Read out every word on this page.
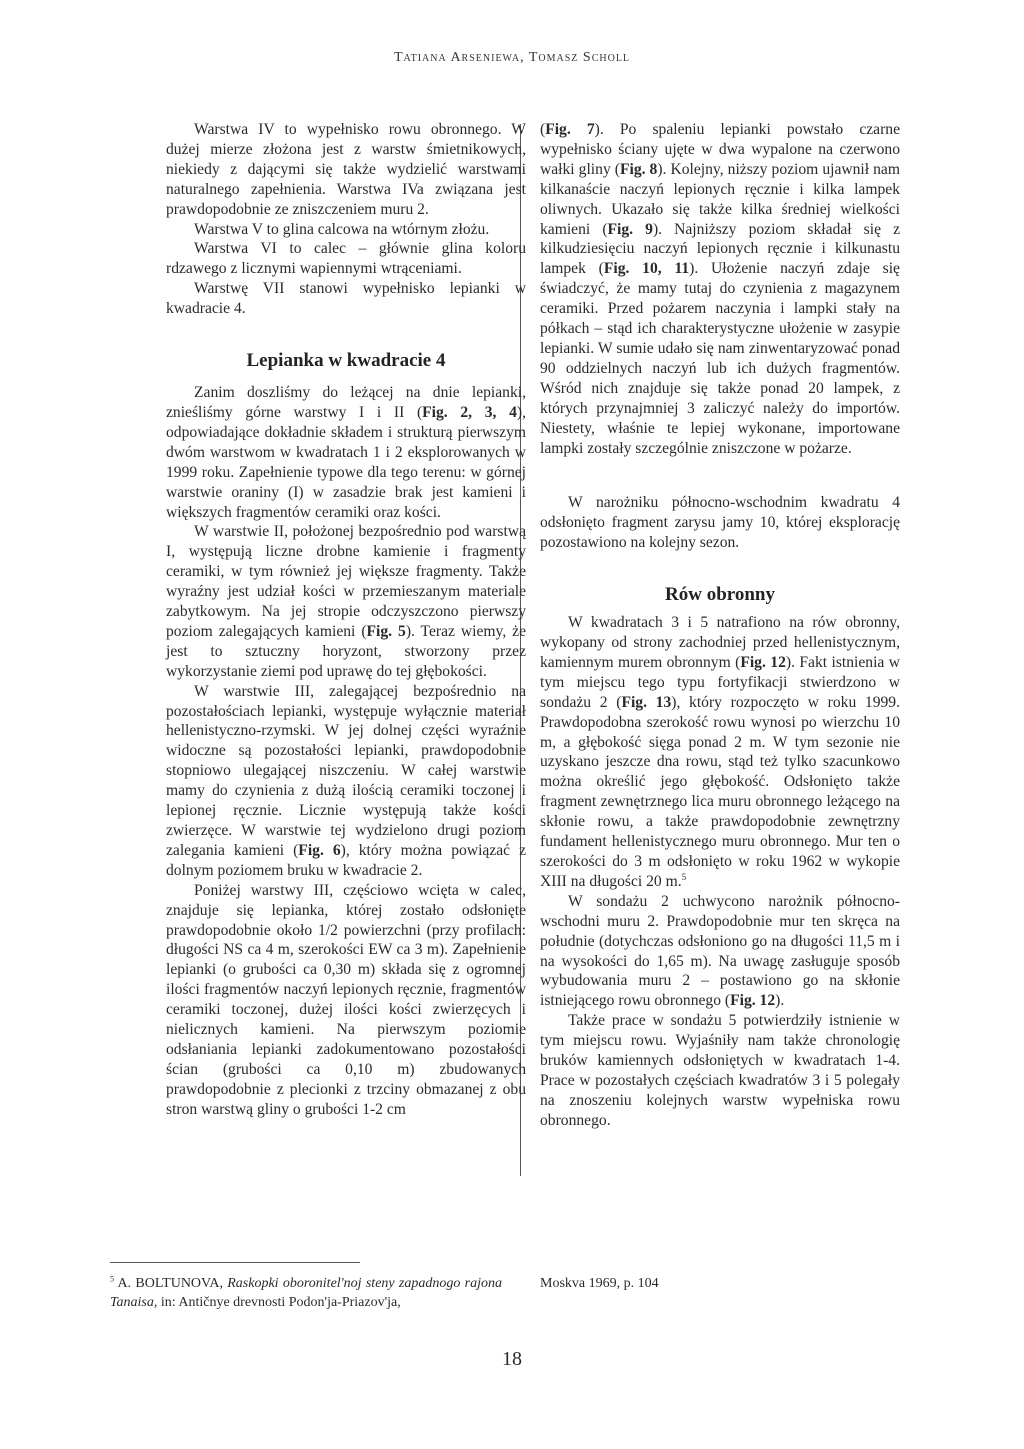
Tatiana Arseniewa, Tomasz Scholl

Warstwa IV to wypełnisko rowu obronnego. W dużej mierze złożona jest z warstw śmietnikowych, niekiedy z dającymi się także wydzielić warstwami naturalnego zapełnienia. Warstwa IVa związana jest prawdopodobnie ze zniszczeniem muru 2.

Warstwa V to glina calcowa na wtórnym złożu.

Warstwa VI to calec – głównie glina koloru rdzawego z licznymi wapiennymi wtrąceniami.

Warstwę VII stanowi wypełnisko lepianki w kwadracie 4.

Lepianka w kwadracie 4

Zanim doszliśmy do leżącej na dnie lepianki, znieśliśmy górne warstwy I i II (Fig. 2, 3, 4), odpowiadające dokładnie składem i strukturą pierwszym dwóm warstwom w kwadratach 1 i 2 eksplorowanych w 1999 roku. Zapełnienie typowe dla tego terenu: w górnej warstwie oraniny (I) w zasadzie brak jest kamieni i większych fragmentów ceramiki oraz kości.

W warstwie II, położonej bezpośrednio pod warstwą I, występują liczne drobne kamienie i fragmenty ceramiki, w tym również jej większe fragmenty. Także wyraźny jest udział kości w przemieszanym materiale zabytkowym. Na jej stropie odczyszczono pierwszy poziom zalegających kamieni (Fig. 5). Teraz wiemy, że jest to sztuczny horyzont, stworzony przez wykorzystanie ziemi pod uprawę do tej głębokości.

W warstwie III, zalegającej bezpośrednio na pozostałościach lepianki, występuje wyłącznie materiał hellenistyczno-rzymski. W jej dolnej części wyraźnie widoczne są pozostałości lepianki, prawdopodobnie stopniowo ulegającej niszczeniu. W całej warstwie mamy do czynienia z dużą ilością ceramiki toczonej i lepionej ręcznie. Licznie występują także kości zwierzęce. W warstwie tej wydzielono drugi poziom zalegania kamieni (Fig. 6), który można powiązać z dolnym poziomem bruku w kwadracie 2.

Poniżej warstwy III, częściowo wcięta w calec, znajduje się lepianka, której zostało odsłonięte prawdopodobnie około 1/2 powierzchni (przy profilach: długości NS ca 4 m, szerokości EW ca 3 m). Zapełnienie lepianki (o grubości ca 0,30 m) składa się z ogromnej ilości fragmentów naczyń lepionych ręcznie, fragmentów ceramiki toczonej, dużej ilości kości zwierzęcych i nielicznych kamieni. Na pierwszym poziomie odsłaniania lepianki zadokumentowano pozostałości ścian (grubości ca 0,10 m) zbudowanych prawdopodobnie z plecionki z trzciny obmazanej z obu stron warstwą gliny o grubości 1-2 cm

(Fig. 7). Po spaleniu lepianki powstało czarne wypełnisko ściany ujęte w dwa wypalone na czerwono wałki gliny (Fig. 8). Kolejny, niższy poziom ujawnił nam kilkanaście naczyń lepionych ręcznie i kilka lampek oliwnych. Ukazało się także kilka średniej wielkości kamieni (Fig. 9). Najniższy poziom składał się z kilkudziesięciu naczyń lepionych ręcznie i kilkunastu lampek (Fig. 10, 11). Ułożenie naczyń zdaje się świadczyć, że mamy tutaj do czynienia z magazynem ceramiki. Przed pożarem naczynia i lampki stały na półkach – stąd ich charakterystyczne ułożenie w zasypie lepianki. W sumie udało się nam zinwentaryzować ponad 90 oddzielnych naczyń lub ich dużych fragmentów. Wśród nich znajduje się także ponad 20 lampek, z których przynajmniej 3 zaliczyć należy do importów. Niestety, właśnie te lepiej wykonane, importowane lampki zostały szczególnie zniszczone w pożarze.

W narożniku północno-wschodnim kwadratu 4 odsłonięto fragment zarysu jamy 10, której eksplorację pozostawiono na kolejny sezon.

Rów obronny

W kwadratach 3 i 5 natrafiono na rów obronny, wykopany od strony zachodniej przed hellenistycznym, kamiennym murem obronnym (Fig. 12). Fakt istnienia w tym miejscu tego typu fortyfikacji stwierdzono w sondażu 2 (Fig. 13), który rozpoczęto w roku 1999. Prawdopodobna szerokość rowu wynosi po wierzchu 10 m, a głębokość sięga ponad 2 m. W tym sezonie nie uzyskano jeszcze dna rowu, stąd też tylko szacunkowo można określić jego głębokość. Odsłonięto także fragment zewnętrznego lica muru obronnego leżącego na skłonie rowu, a także prawdopodobnie zewnętrzny fundament hellenistycznego muru obronnego. Mur ten o szerokości do 3 m odsłonięto w roku 1962 w wykopie XIII na długości 20 m.$^5$

W sondażu 2 uchwycono narożnik północno-wschodni muru 2. Prawdopodobnie mur ten skręca na południe (dotychczas odsłoniono go na długości 11,5 m i na wysokości do 1,65 m). Na uwagę zasługuje sposób wybudowania muru 2 – postawiono go na skłonie istniejącego rowu obronnego (Fig. 12).

Także prace w sondażu 5 potwierdziły istnienie w tym miejscu rowu. Wyjaśniły nam także chronologię bruków kamiennych odsłoniętych w kwadratach 1-4. Prace w pozostałych częściach kwadratów 3 i 5 polegały na znoszeniu kolejnych warstw wypełniska rowu obronnego.

$^5$ A. BOLTUNOVA, Raskopki oboronitel'noj steny zapadnogo rajona Tanaisa, in: Antičnye drevnosti Podon'ja-Priazov'ja,
Moskva 1969, p. 104
18
